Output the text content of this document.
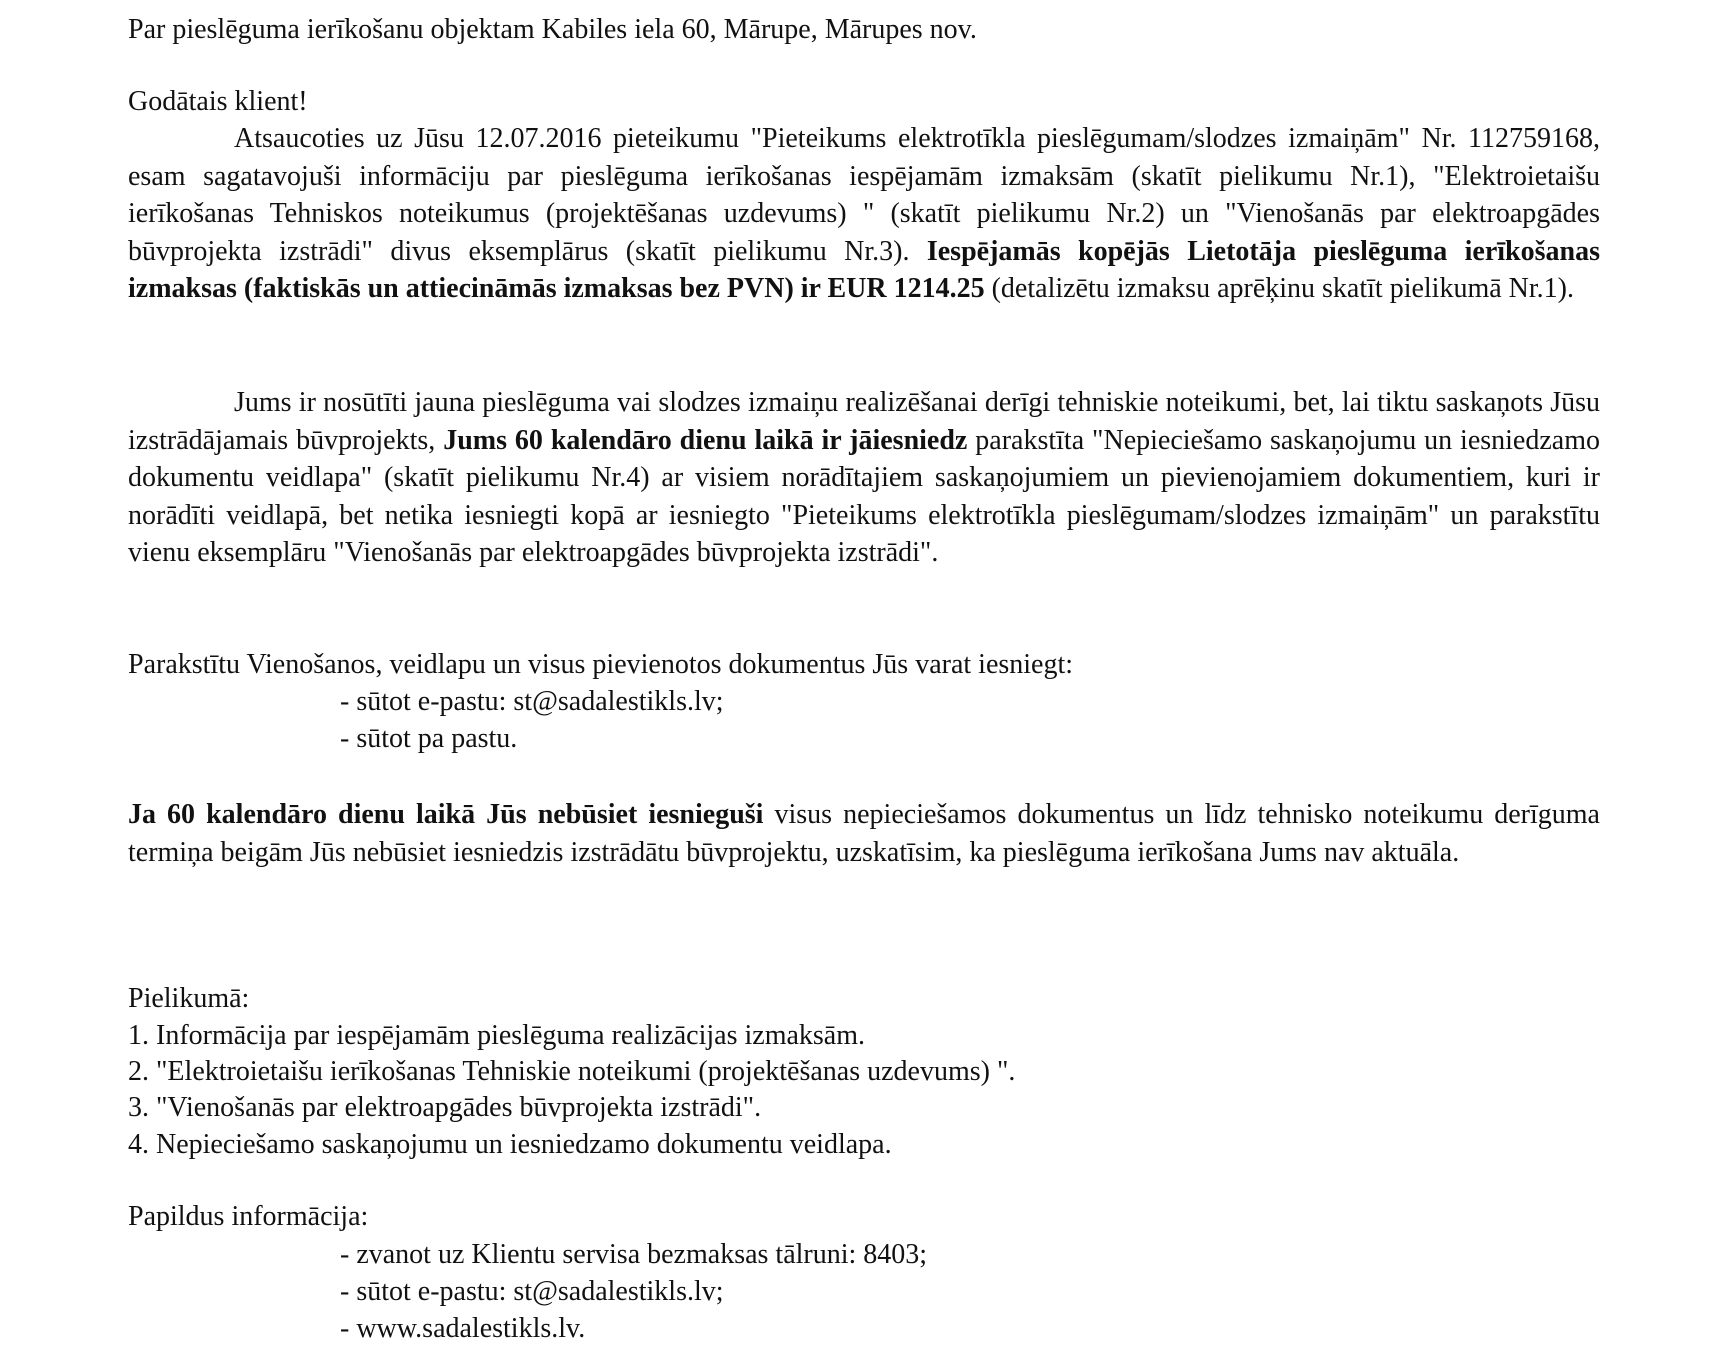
Par pieslēguma ierīkošanu objektam Kabiles iela 60, Mārupe, Mārupes nov.
Godātais klient!

Atsaucoties uz Jūsu 12.07.2016 pieteikumu "Pieteikums elektrotīkla pieslēgumam/slodzes izmaiņām" Nr. 112759168, esam sagatavojuši informāciju par pieslēguma ierīkošanas iespējamām izmaksām (skatīt pielikumu Nr.1), "Elektroietaišu ierīkošanas Tehniskos noteikumus (projektēšanas uzdevums) " (skatīt pielikumu Nr.2) un "Vienošanās par elektroapgādes būvprojekta izstrādi" divus eksemplārus (skatīt pielikumu Nr.3). Iespējamās kopējās Lietotāja pieslēguma ierīkošanas izmaksas (faktiskās un attiecināmās izmaksas bez PVN) ir EUR 1214.25 (detalizētu izmaksu aprēķinu skatīt pielikumā Nr.1).

Jums ir nosūtīti jauna pieslēguma vai slodzes izmaiņu realizēšanai derīgi tehniskie noteikumi, bet, lai tiktu saskaņots Jūsu izstrādājamais būvprojekts, Jums 60 kalendāro dienu laikā ir jāiesniedz parakstīta "Nepieciešamo saskaņojumu un iesniedzamo dokumentu veidlapa" (skatīt pielikumu Nr.4) ar visiem norādītajiem saskaņojumiem un pievienojamiem dokumentiem, kuri ir norādīti veidlapā, bet netika iesniegti kopā ar iesniegto "Pieteikums elektrotīkla pieslēgumam/slodzes izmaiņām" un parakstītu vienu eksemplāru "Vienošanās par elektroapgādes būvprojekta izstrādi".

Parakstītu Vienošanos, veidlapu un visus pievienotos dokumentus Jūs varat iesniegt:
- sūtot e-pastu: st@sadalestikls.lv;
- sūtot pa pastu.

Ja 60 kalendāro dienu laikā Jūs nebūsiet iesnieguši visus nepieciešamos dokumentus un līdz tehnisko noteikumu derīguma termiņa beigām Jūs nebūsiet iesniedzis izstrādātu būvprojektu, uzskatīsim, ka pieslēguma ierīkošana Jums nav aktuāla.

Pielikumā:
1. Informācija par iespējamām pieslēguma realizācijas izmaksām.
2. "Elektroietaišu ierīkošanas Tehniskie noteikumi (projektēšanas uzdevums) ".
3. "Vienošanās par elektroapgādes būvprojekta izstrādi".
4. Nepieciešamo saskaņojumu un iesniedzamo dokumentu veidlapa.
Papildus informācija:
- zvanot uz Klientu servisa bezmaksas tālruni: 8403;
- sūtot e-pastu: st@sadalestikls.lv;
- www.sadalestikls.lv.
